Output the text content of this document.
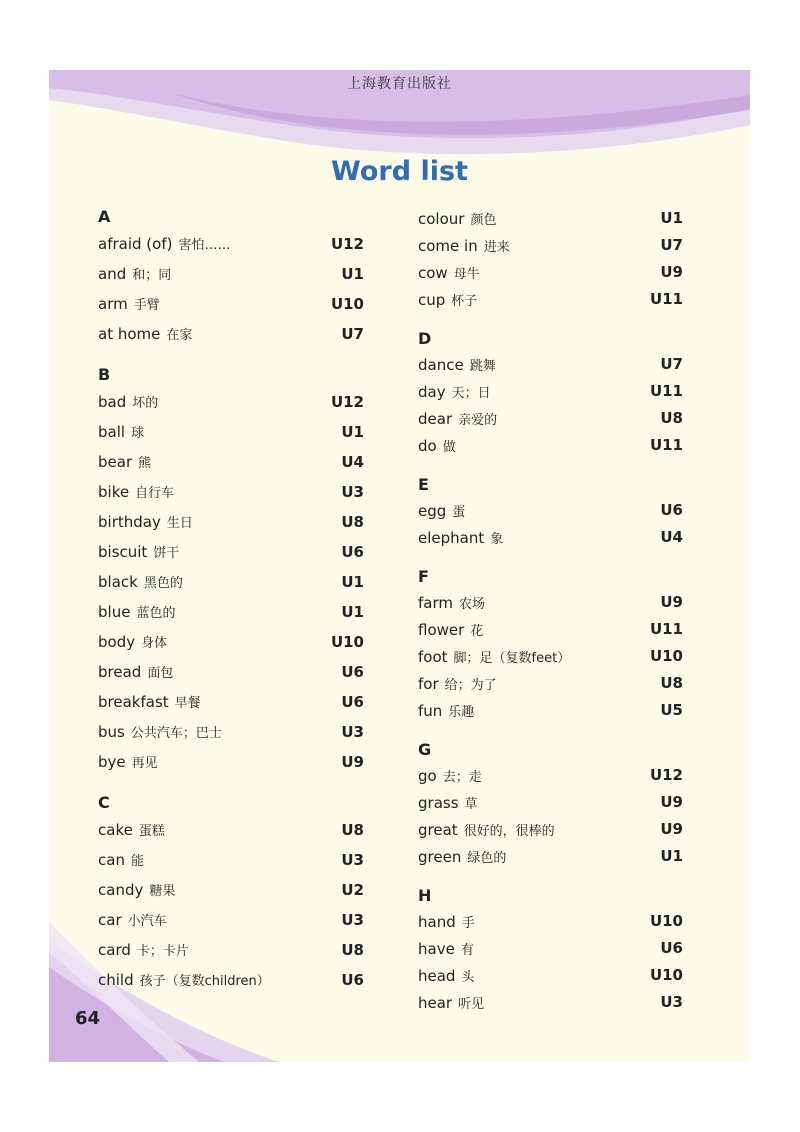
上海教育出版社
Word list
A
afraid (of) 害怕……	U12
and 和；同	U1
arm 手臂	U10
at home 在家	U7
B
bad 坏的	U12
ball 球	U1
bear 熊	U4
bike 自行车	U3
birthday 生日	U8
biscuit 饼干	U6
black 黑色的	U1
blue 蓝色的	U1
body 身体	U10
bread 面包	U6
breakfast 早餐	U6
bus 公共汽车；巴士	U3
bye 再见	U9
C
cake 蛋糕	U8
can 能	U3
candy 糖果	U2
car 小汽车	U3
card 卡；卡片	U8
child 孩子（复数children）	U6
colour 颜色	U1
come in 进来	U7
cow 母牛	U9
cup 杯子	U11
D
dance 跳舞	U7
day 天；日	U11
dear 亲爱的	U8
do 做	U11
E
egg 蛋	U6
elephant 象	U4
F
farm 农场	U9
flower 花	U11
foot 脚；足（复数feet）	U10
for 给；为了	U8
fun 乐趣	U5
G
go 去；走	U12
grass 草	U9
great 很好的，很棒的	U9
green 绿色的	U1
H
hand 手	U10
have 有	U6
head 头	U10
hear 听见	U3
64
